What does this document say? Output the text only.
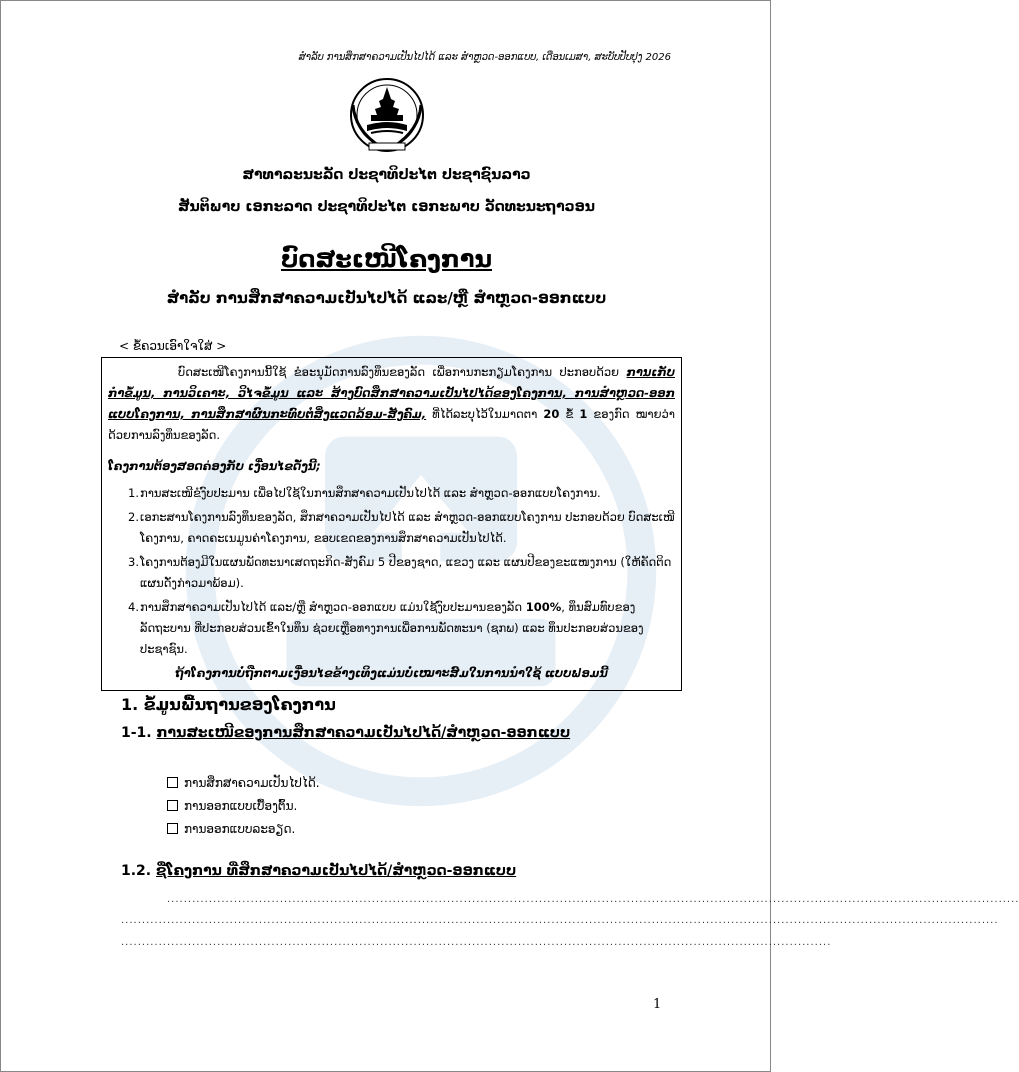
ສຳລັບ ການສຶກສາຄວາມເປັນໄປໄດ້ ແລະ ສຳຫຼວດ-ອອກແບບ, ເດືອນເມສາ, ສະບັບປັບປຸງ 2026
ສາທາລະນະລັດ ປະຊາທິປະໄຕ ປະຊາຊົນລາວ
ສັນຕິພາບ ເອກະລາດ ປະຊາທິປະໄຕ ເອກະພາບ ວັດທະນະຖາວອນ
ບົດສະເໜີໂຄງການ
ສຳລັບ ການສຶກສາຄວາມເປັນໄປໄດ້ ແລະ/ຫຼື ສຳຫຼວດ-ອອກແບບ
< ຂໍ້ຄວນເອົາໃຈໃສ່ >

ບົດສະເໜີໂຄງການນີ້ໃຊ້ ຂໍອະນຸມັດການລົງທຶນຂອງລັດ ເພື່ອການກະກຽມໂຄງການ ປະກອບດ້ວຍ ການເກັບກຳຂໍ້ມູນ, ການວິເຄາະ, ວິໄຈຂໍ້ມູນ ແລະ ສ້າງບົດສຶກສາຄວາມເປັນໄປໄດ້ຂອງໂຄງການ, ການສຳຫຼວດ-ອອກແບບໂຄງການ, ການສຶກສາຜົນກະທົບຕໍ່ສິ່ງແວດລ້ອມ-ສັງຄົມ, ທີ່ໄດ້ລະບຸໄວ້ໃນມາດຕາ 20 ຂໍ້ 1 ຂອງກົດ ໝາຍວ່າດ້ວຍການລົງທຶນຂອງລັດ.

ໂຄງການຕ້ອງສອດຄ່ອງກັບ ເງື່ອນໄຂດັ່ງນີ້;
1. ການສະເໜີຂໍງົບປະມານ ເພື່ອໄປໃຊ້ໃນການສຶກສາຄວາມເປັນໄປໄດ້ ແລະ ສຳຫຼວດ-ອອກແບບໂຄງການ.
2. ເອກະສານໂຄງການລົງທຶນຂອງລັດ, ສຶກສາຄວາມເປັນໄປໄດ້ ແລະ ສຳຫຼວດ-ອອກແບບໂຄງການ ປະກອບດ້ວຍ ບົດສະເໜີໂຄງການ, ຄາດຄະເນມູນຄ່າໂຄງການ, ຂອບເຂດຂອງການສຶກສາຄວາມເປັນໄປໄດ້.
3. ໂຄງການຕ້ອງມີໃນແຜນພັດທະນາເສດຖະກິດ-ສັງຄົມ 5 ປີຂອງຊາດ, ແຂວງ ແລະ ແຜນປີຂອງຂະແໜງການ (ໃຫ້ຄັດຕິດແຜນດັ່ງກ່າວມາພ້ອມ).
4. ການສຶກສາຄວາມເປັນໄປໄດ້ ແລະ/ຫຼື ສຳຫຼວດ-ອອກແບບ ແມ່ນໃຊ້ງົບປະມານຂອງລັດ 100%, ທຶນສົມທົບຂອງລັດຖະບານ ທີ່ປະກອບສ່ວນເຂົ້າໃນທຶນ ຊ່ວຍເຫຼືອທາງການເພື່ອການພັດທະນາ (ຊກພ) ແລະ ທຶນປະກອບສ່ວນຂອງປະຊາຊົນ.
ຖ້າໂຄງການບໍ່ຖືກຕາມເງື່ອນໄຂຂ້າງເທິງແມ່ນບໍ່ເໝາະສົມໃນການນຳໃຊ້ ແບບຟອມນີ້
1. ຂໍ້ມູນພື້ນຖານຂອງໂຄງການ
1-1. ການສະເໜີຂອງການສຶກສາຄວາມເປັນໄປໄດ້/ສຳຫຼວດ-ອອກແບບ
ການສຶກສາຄວາມເປັນໄປໄດ້.
ການອອກແບບເບື້ອງຕົ້ນ.
ການອອກແບບລະອຽດ.
1.2. ຊື່ໂຄງການ ທີ່ສຶກສາຄວາມເປັນໄປໄດ້/ສຳຫຼວດ-ອອກແບບ
............................................................................................................................................................................................................
..................................................................................................................................................................................................................
..........................................................................................................................................................................
1
